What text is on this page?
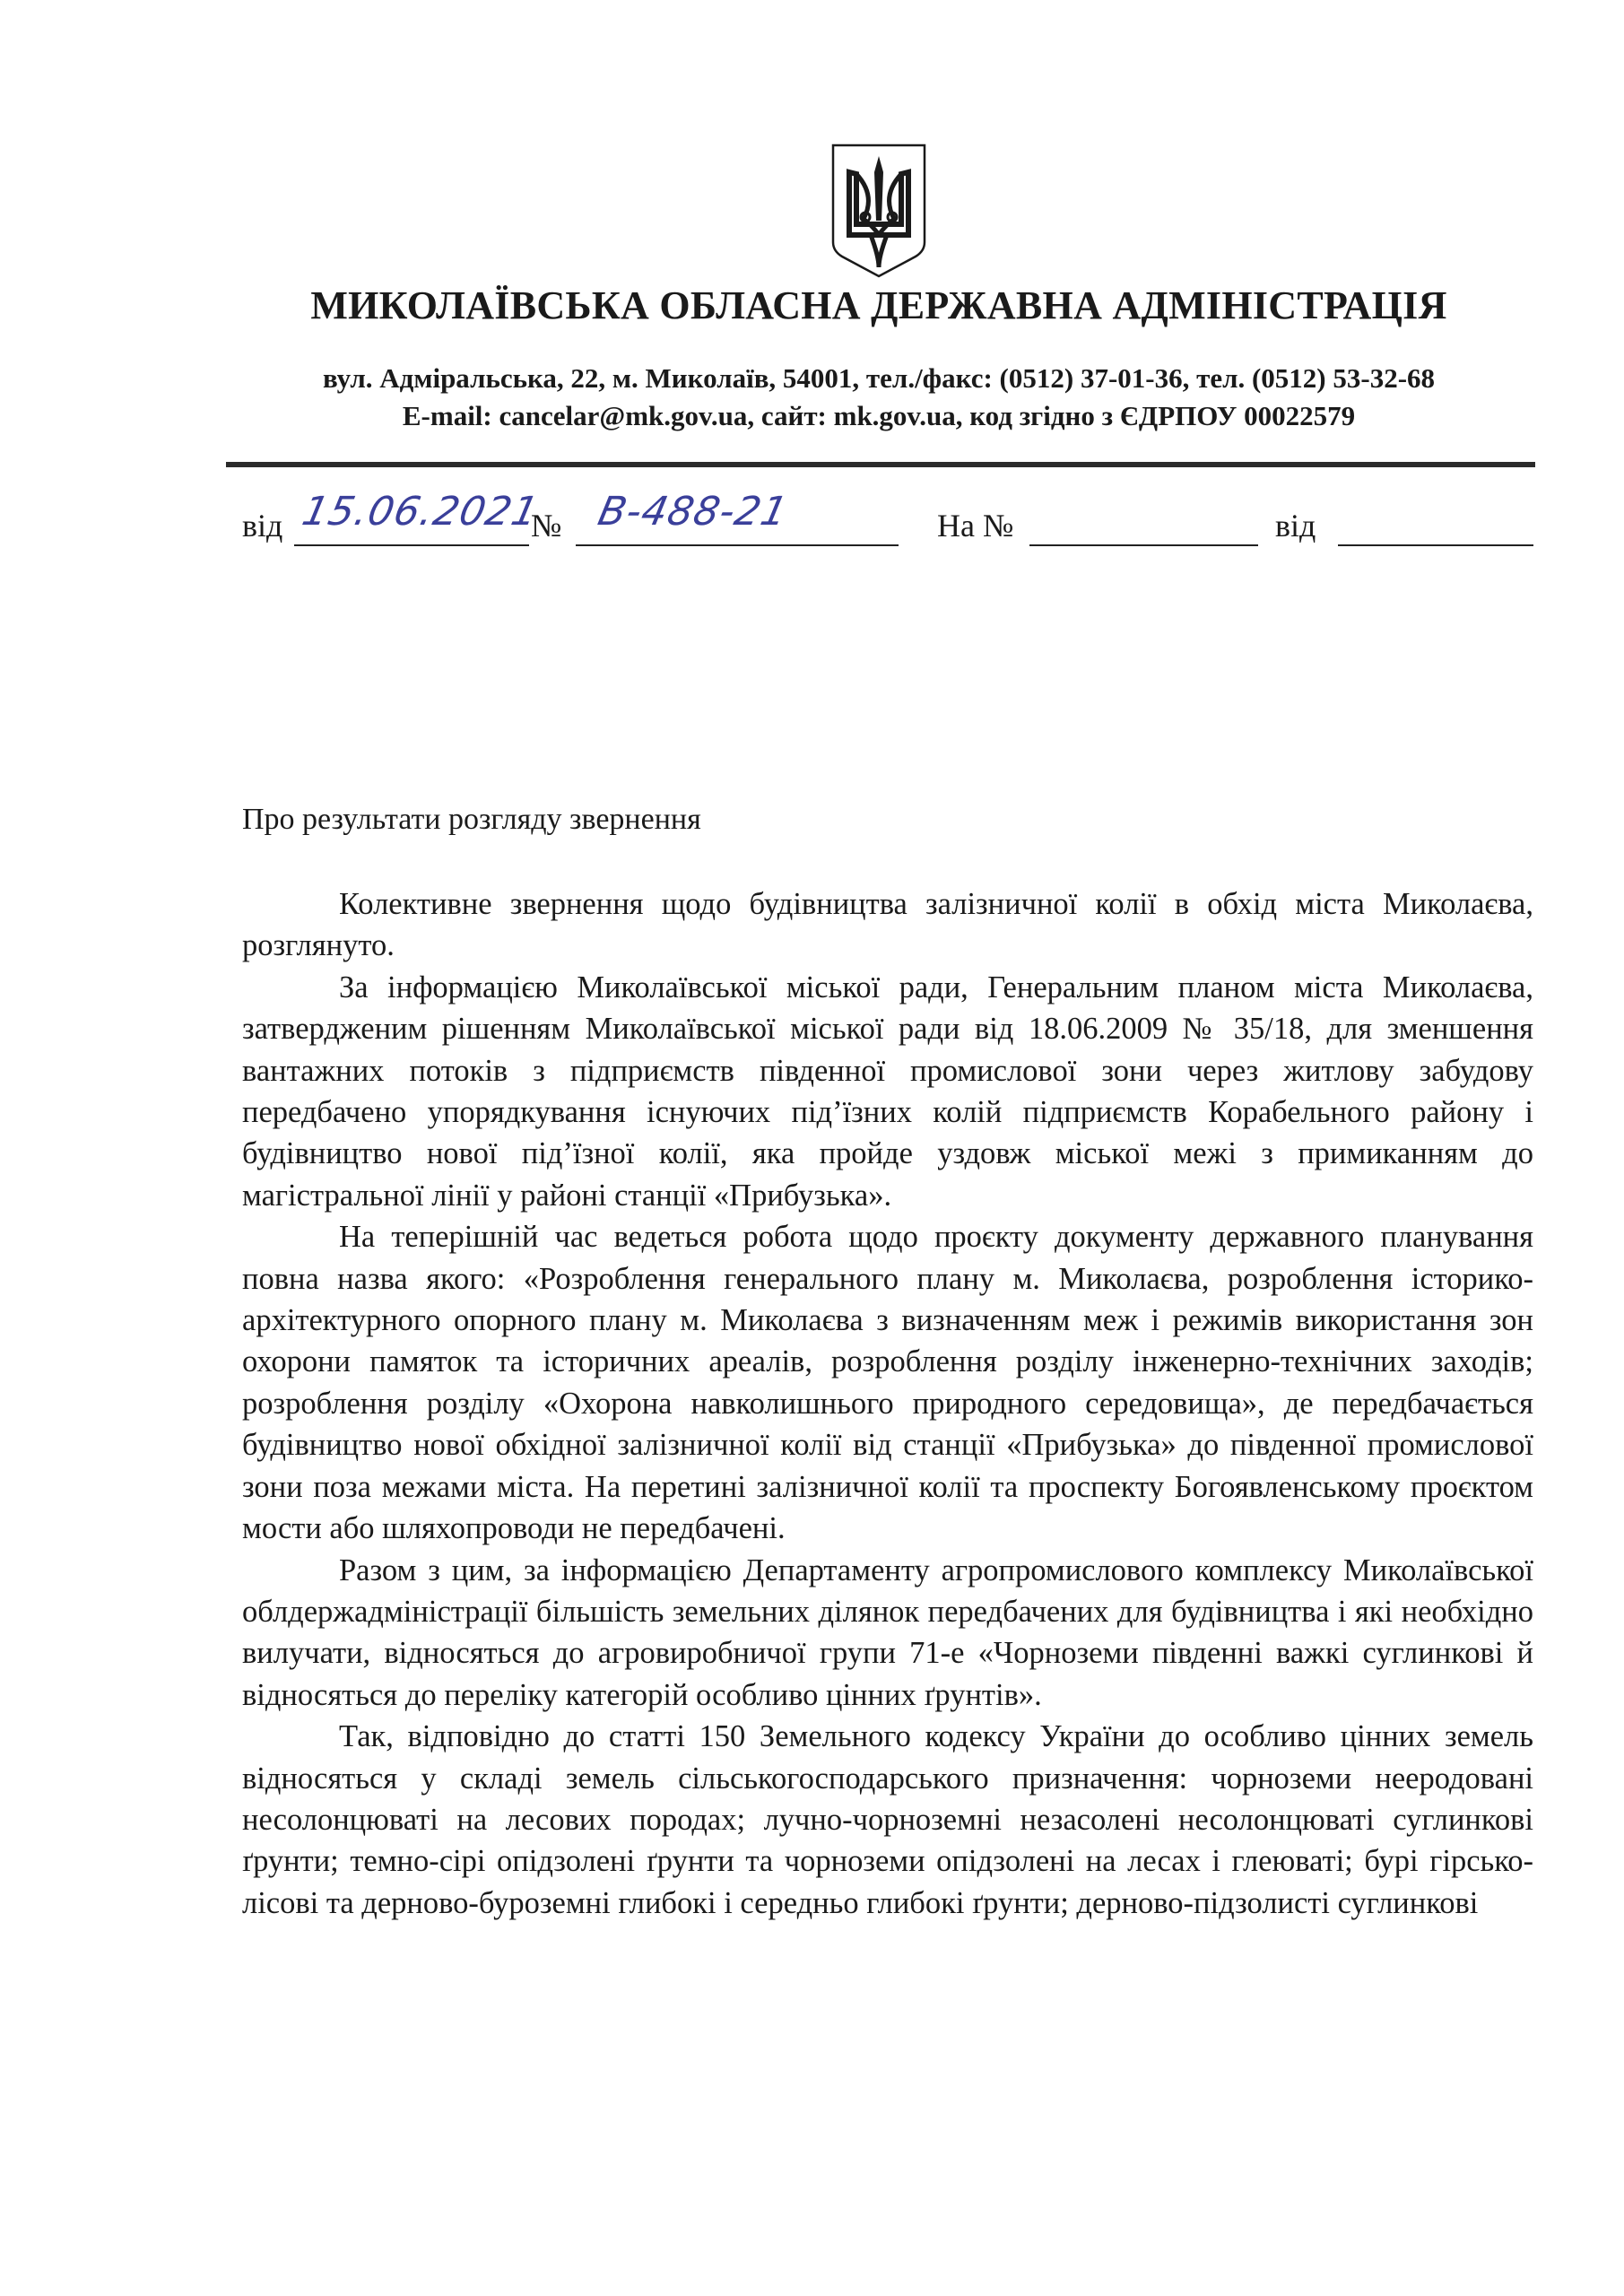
МИКОЛАЇВСЬКА ОБЛАСНА ДЕРЖАВНА АДМІНІСТРАЦІЯ
вул. Адміральська, 22, м. Миколаїв, 54001, тел./факс: (0512) 37-01-36, тел. (0512) 53-32-68
E-mail: cancelar@mk.gov.ua, сайт: mk.gov.ua, код згідно з ЄДРПОУ 00022579
від 15.06.2021
№ В-488-21	На №	від
Про результати розгляду звернення

Колективне звернення щодо будівництва залізничної колії в обхід міста Миколаєва, розглянуто.

За інформацією Миколаївської міської ради, Генеральним планом міста Миколаєва, затвердженим рішенням Миколаївської міської ради від 18.06.2009 № 35/18, для зменшення вантажних потоків з підприємств південної промислової зони через житлову забудову передбачено упорядкування існуючих під’їзних колій підприємств Корабельного району і будівництво нової під’їзної колії, яка пройде уздовж міської межі з примиканням до магістральної лінії у районі станції «Прибузька».

На теперішній час ведеться робота щодо проєкту документу державного планування повна назва якого: «Розроблення генерального плану м. Миколаєва, розроблення історико-архітектурного опорного плану м. Миколаєва з визначенням меж і режимів використання зон охорони памяток та історичних ареалів, розроблення розділу інженерно-технічних заходів; розроблення розділу «Охорона навколишнього природного середовища», де передбачається будівництво нової обхідної залізничної колії від станції «Прибузька» до південної промислової зони поза межами міста. На перетині залізничної колії та проспекту Богоявленському проєктом мости або шляхопроводи не передбачені.

Разом з цим, за інформацією Департаменту агропромислового комплексу Миколаївської облдержадміністрації більшість земельних ділянок передбачених для будівництва і які необхідно вилучати, відносяться до агровиробничої групи 71-е «Чорноземи південні важкі суглинкові й відносяться до переліку категорій особливо цінних ґрунтів».

Так, відповідно до статті 150 Земельного кодексу України до особливо цінних земель відносяться у складі земель сільськогосподарського призначення: чорноземи нееродовані несолонцюваті на лесових породах; лучно-чорноземні незасолені несолонцюваті суглинкові ґрунти; темно-сірі опідзолені ґрунти та чорноземи опідзолені на лесах і глеюваті; бурі гірсько-лісові та дерново-буроземні глибокі і середньо глибокі ґрунти; дерново-підзолисті суглинкові
